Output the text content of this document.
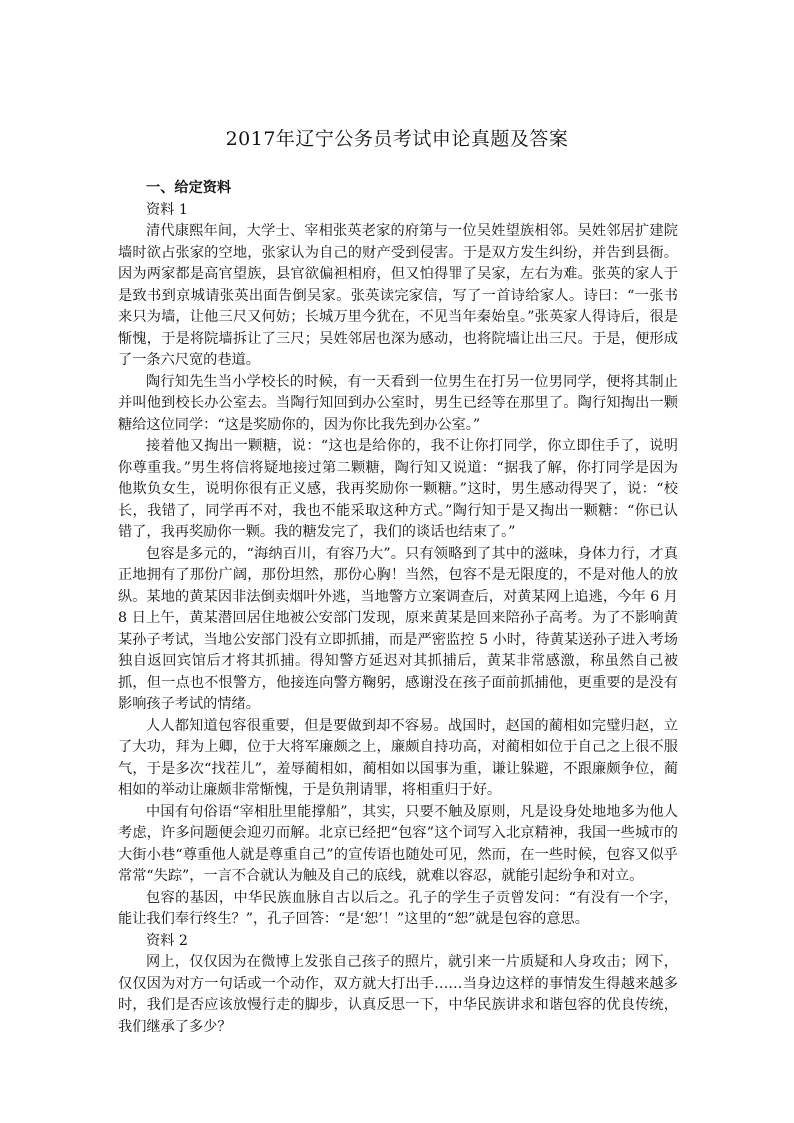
2017年辽宁公务员考试申论真题及答案

一、给定资料

资料 1

清代康熙年间，大学士、宰相张英老家的府第与一位吴姓望族相邻。吴姓邻居扩建院墙时欲占张家的空地，张家认为自己的财产受到侵害。于是双方发生纠纷，并告到县衙。因为两家都是高官望族，县官欲偏袒相府，但又怕得罪了吴家，左右为难。张英的家人于是致书到京城请张英出面告倒吴家。张英读完家信，写了一首诗给家人。诗曰：“一张书来只为墙，让他三尺又何妨；长城万里今犹在，不见当年秦始皇。”张英家人得诗后，很是惭愧，于是将院墙拆让了三尺；吴姓邻居也深为感动，也将院墙让出三尺。于是，便形成了一条六尺宽的巷道。

陶行知先生当小学校长的时候，有一天看到一位男生在打另一位男同学，便将其制止并叫他到校长办公室去。当陶行知回到办公室时，男生已经等在那里了。陶行知掏出一颗糖给这位同学：“这是奖励你的，因为你比我先到办公室。”

接着他又掏出一颗糖，说：“这也是给你的，我不让你打同学，你立即住手了，说明你尊重我。”男生将信将疑地接过第二颗糖，陶行知又说道：“据我了解，你打同学是因为他欺负女生，说明你很有正义感，我再奖励你一颗糖。”这时，男生感动得哭了，说：“校长，我错了，同学再不对，我也不能采取这种方式。”陶行知于是又掏出一颗糖：“你已认错了，我再奖励你一颗。我的糖发完了，我们的谈话也结束了。”

包容是多元的，“海纳百川，有容乃大”。只有领略到了其中的滋味，身体力行，才真正地拥有了那份广阔，那份坦然，那份心胸！当然，包容不是无限度的，不是对他人的放纵。某地的黄某因非法倒卖烟叶外逃，当地警方立案调查后，对黄某网上追逃，今年 6 月 8 日上午，黄某潜回居住地被公安部门发现，原来黄某是回来陪孙子高考。为了不影响黄某孙子考试，当地公安部门没有立即抓捕，而是严密监控 5 小时，待黄某送孙子进入考场独自返回宾馆后才将其抓捕。得知警方延迟对其抓捕后，黄某非常感激，称虽然自己被抓，但一点也不恨警方，他接连向警方鞠躬，感谢没在孩子面前抓捕他，更重要的是没有影响孩子考试的情绪。

人人都知道包容很重要，但是要做到却不容易。战国时，赵国的蔺相如完璧归赵，立了大功，拜为上卿，位于大将军廉颇之上，廉颇自持功高，对蔺相如位于自己之上很不服气，于是多次“找茬儿”，羞辱蔺相如，蔺相如以国事为重，谦让躲避，不跟廉颇争位，蔺相如的举动让廉颇非常惭愧，于是负荆请罪，将相重归于好。

中国有句俗语“宰相肚里能撑船”，其实，只要不触及原则，凡是设身处地地多为他人考虑，许多问题便会迎刃而解。北京已经把“包容”这个词写入北京精神，我国一些城市的大街小巷“尊重他人就是尊重自己”的宣传语也随处可见，然而，在一些时候，包容又似乎常常“失踪”，一言不合就认为触及自己的底线，就难以容忍，就能引起纷争和对立。

包容的基因，中华民族血脉自古以后之。孔子的学生子贡曾发问：“有没有一个字，能让我们奉行终生？”，孔子回答：“是‘恕’！”这里的“恕”就是包容的意思。

资料 2

网上，仅仅因为在微博上发张自己孩子的照片，就引来一片质疑和人身攻击；网下，仅仅因为对方一句话或一个动作，双方就大打出手……当身边这样的事情发生得越来越多时，我们是否应该放慢行走的脚步，认真反思一下，中华民族讲求和谐包容的优良传统，我们继承了多少？
